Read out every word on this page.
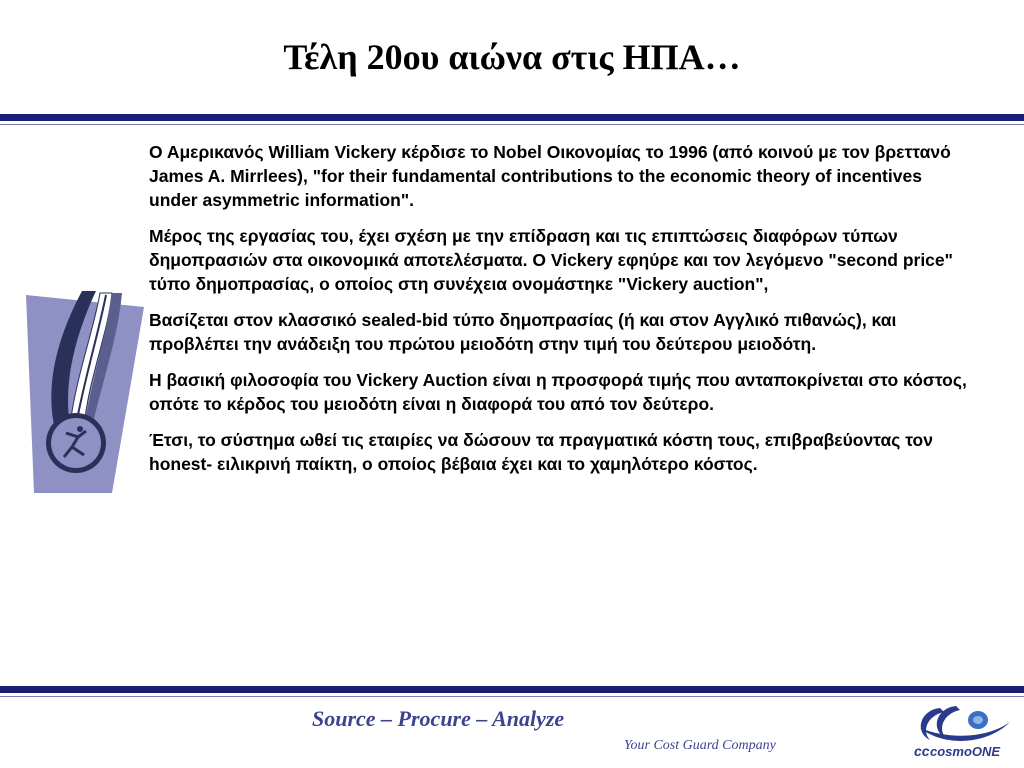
Τέλη 20ου αιώνα στις ΗΠΑ…

Ο Αμερικανός William Vickery κέρδισε το Nobel Οικονομίας το 1996 (από κοινού με τον βρεττανό James A. Mirrlees), "for their fundamental contributions to the economic theory of incentives under asymmetric information".

Μέρος της εργασίας του, έχει σχέση με την επίδραση και τις επιπτώσεις διαφόρων τύπων δημοπρασιών στα οικονομικά αποτελέσματα. Ο Vickery εφηύρε και τον λεγόμενο "second price" τύπο δημοπρασίας, ο οποίος στη συνέχεια ονομάστηκε "Vickery auction",

Βασίζεται στον κλασσικό sealed-bid τύπο δημοπρασίας (ή και στον Αγγλικό πιθανώς), και προβλέπει την ανάδειξη του πρώτου μειοδότη στην τιμή του δεύτερου μειοδότη.

Η βασική φιλοσοφία του Vickery Auction είναι η προσφορά τιμής που ανταποκρίνεται στο κόστος, οπότε το κέρδος του μειοδότη είναι η διαφορά του από τον δεύτερο.

Έτσι, το σύστημα ωθεί τις εταιρίες να δώσουν τα πραγματικά κόστη τους, επιβραβεύοντας τον honest- ειλικρινή παίκτη, ο οποίος βέβαια έχει και το χαμηλότερο κόστος.

Source – Procure – Analyze
Your Cost Guard Company	cc cosmoONE
